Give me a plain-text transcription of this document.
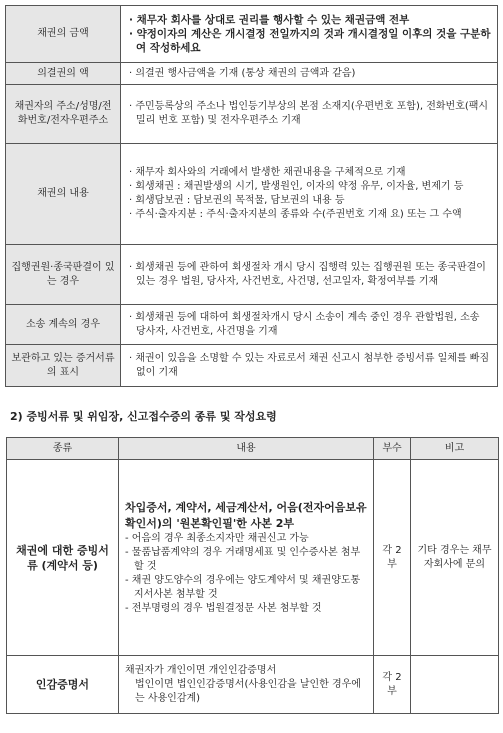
채권의 금액	· 채무자 회사를 상대로 권리를 행사할 수 있는 채권금액 전부
· 약정이자의 계산은 개시결정 전일까지의 것과 개시결정일 이후의 것을 구분하여 작성하세요

의결권의 액	· 의결권 행사금액을 기재 (통상 채권의 금액과 같음)

채권자의 주소/성명/전화번호/전자우편주소	· 주민등록상의 주소나 법인등기부상의 본점 소재지(우편번호 포함), 전화번호(팩시밀리 번호 포함) 및 전자우편주소 기재

채권의 내용	· 채무자 회사와의 거래에서 발생한 채권내용을 구체적으로 기재
· 회생채권 : 채권발생의 시기, 발생원인, 이자의 약정 유무, 이자율, 변제기 등
· 회생담보권 : 담보권의 목적물, 담보권의 내용 등
· 주식·출자지분 : 주식·출자지분의 종류와 수(주권번호 기재 요) 또는 그 수액

집행권원·종국판결이 있는 경우	· 회생채권 등에 관하여 회생절차 개시 당시 집행력 있는 집행권원 또는 종국판결이 있는 경우 법원, 당사자, 사건번호, 사건명, 선고일자, 확정여부를 기재

소송 계속의 경우	· 회생채권 등에 대하여 회생절차개시 당시 소송이 계속 중인 경우 관할법원, 소송 당사자, 사건번호, 사건명을 기재

보관하고 있는 증거서류의 표시	· 채권이 있음을 소명할 수 있는 자료로서 채권 신고시 첨부한 증빙서류 일체를 빠짐 없이 기재
2) 증빙서류 및 위임장, 신고접수증의 종류 및 작성요령
종류	내용	부수	비고
채권에 대한 증빙서류 (계약서 등)	차입증서, 계약서, 세금계산서, 어음(전자어음보유확인서)의 '원본확인필'한 사본 2부
- 어음의 경우 최종소지자만 채권신고 가능
- 물품납품계약의 경우 거래명세표 및 인수증사본 첨부할 것
- 채권 양도양수의 경우에는 양도계약서 및 채권양도통지서사본 첨부할 것
- 전부명령의 경우 법원결정문 사본 첨부할 것	각 2부	기타 경우는 채무자회사에 문의
인감증명서	채권자가 개인이면 개인인감증명서
법인이면 법인인감증명서(사용인감을 날인한 경우에는 사용인감계)	각 2부	
